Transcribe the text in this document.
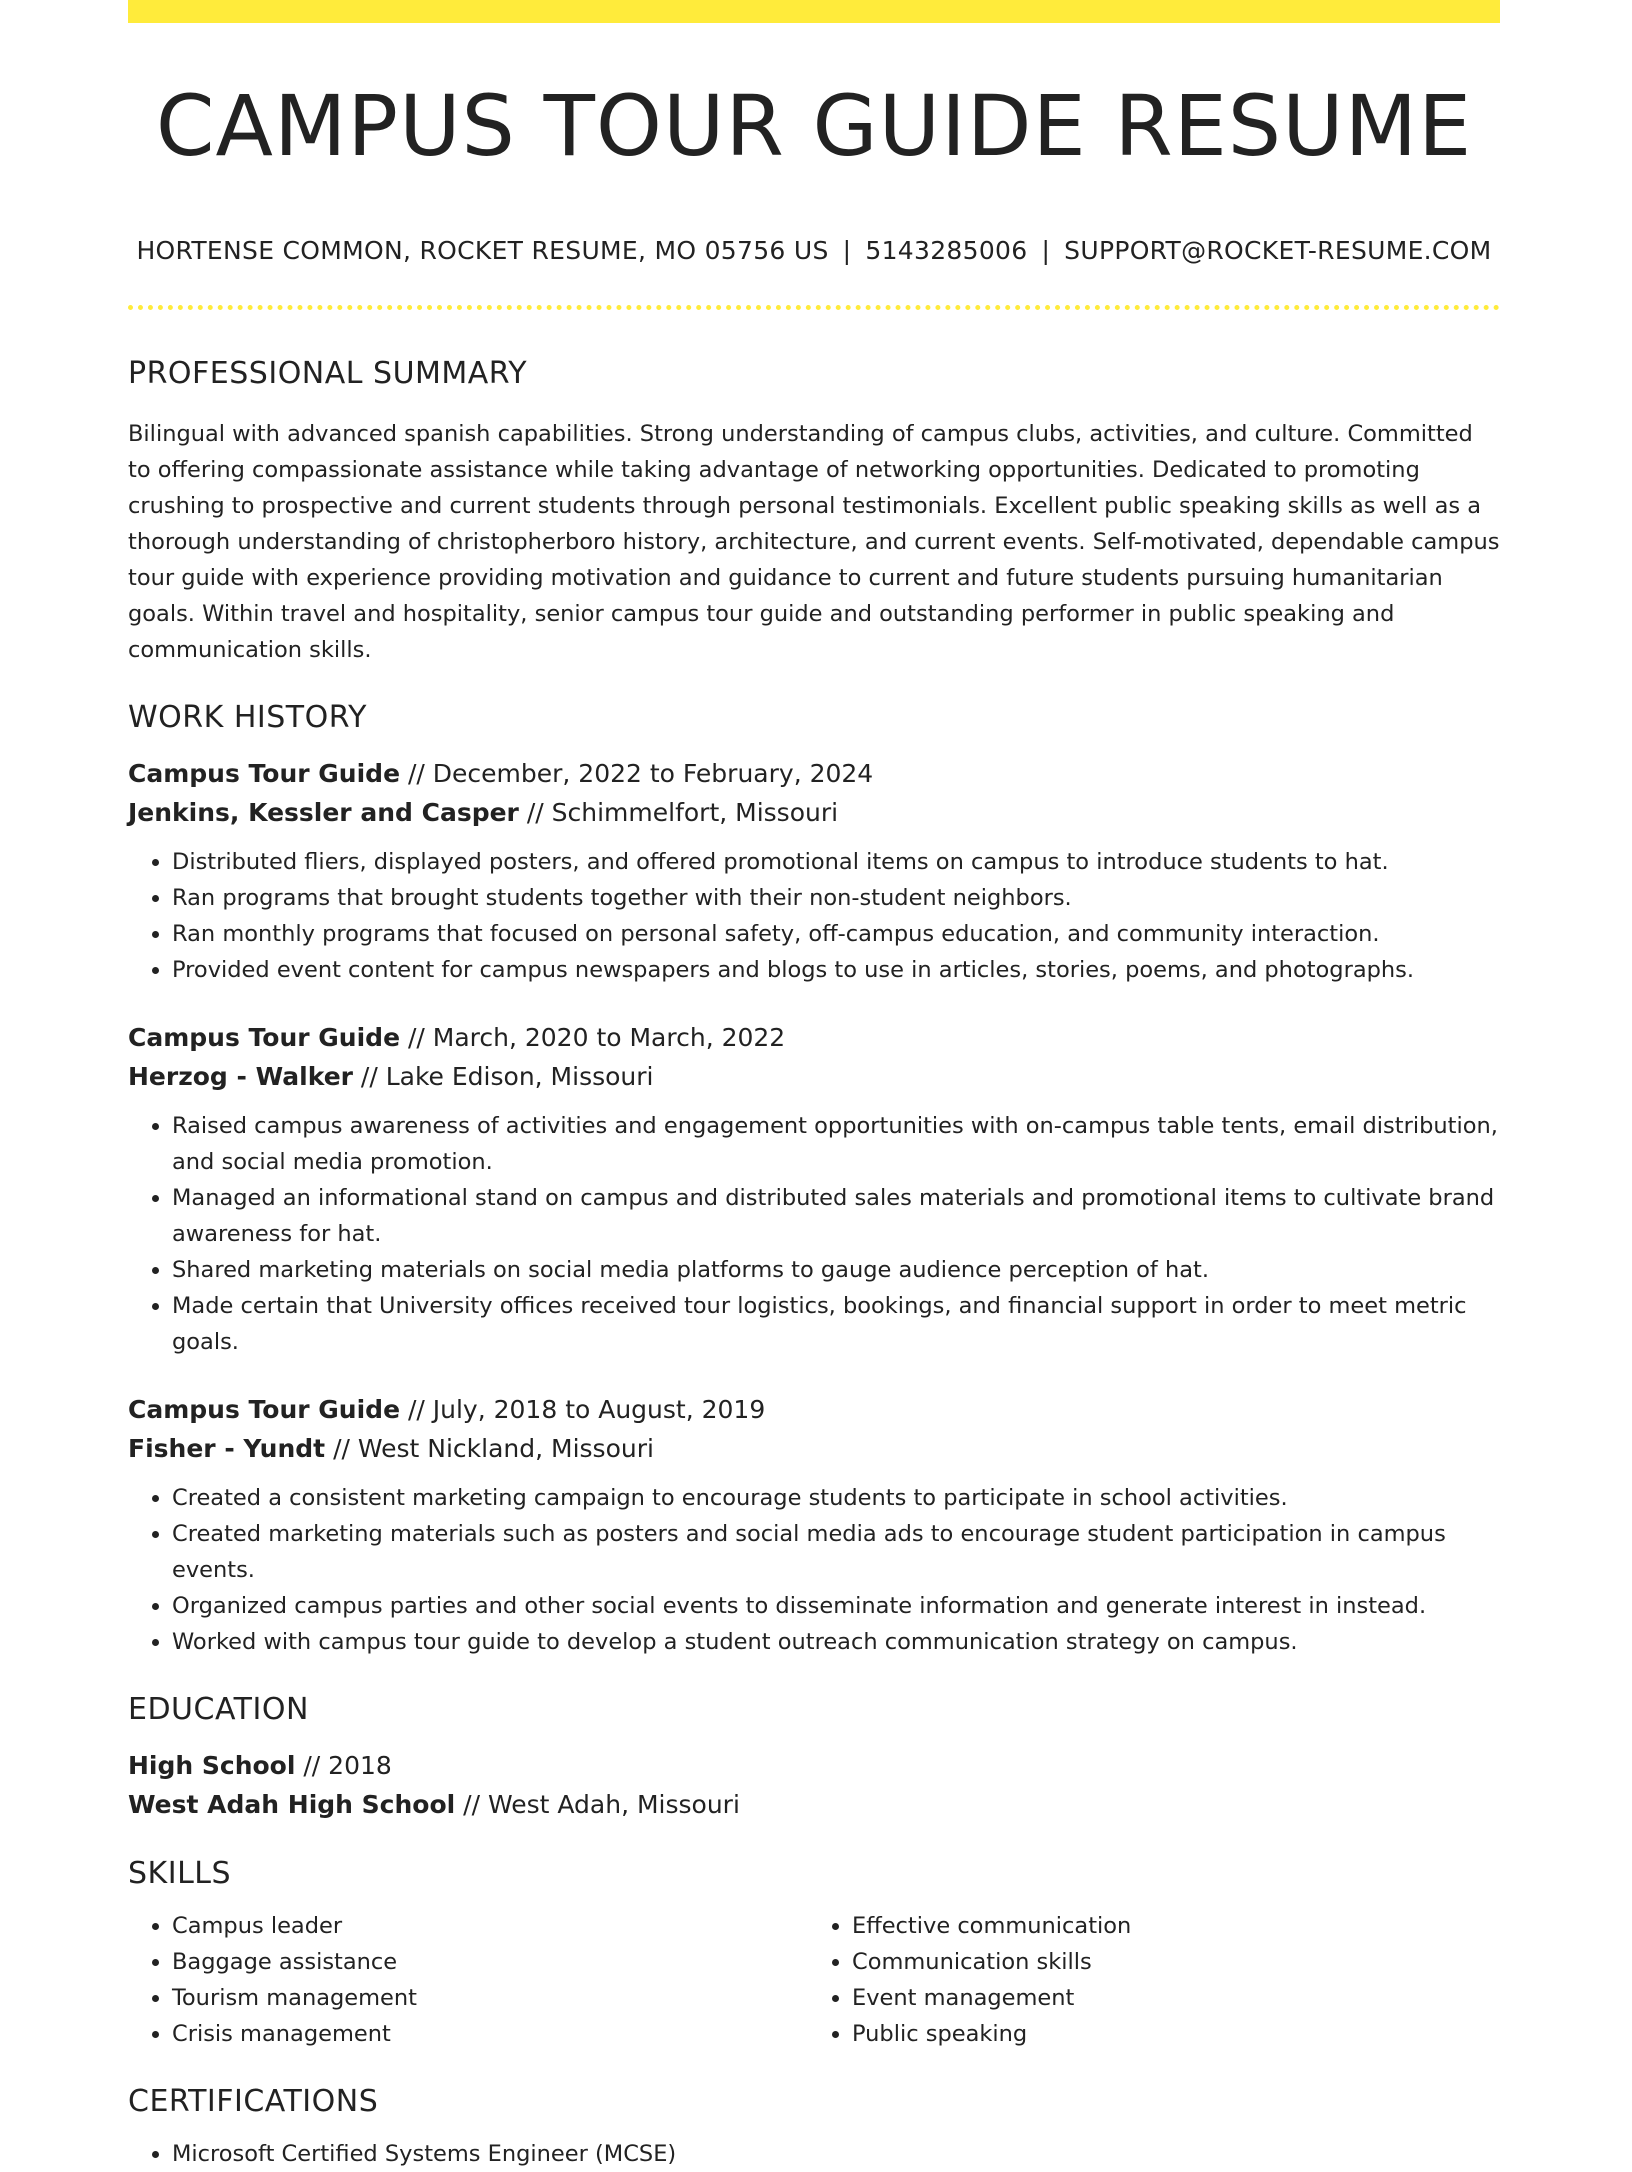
CAMPUS TOUR GUIDE RESUME
HORTENSE COMMON, ROCKET RESUME, MO 05756 US | 5143285006 | SUPPORT@ROCKET-RESUME.COM
PROFESSIONAL SUMMARY

Bilingual with advanced spanish capabilities. Strong understanding of campus clubs, activities, and culture. Committed to offering compassionate assistance while taking advantage of networking opportunities. Dedicated to promoting crushing to prospective and current students through personal testimonials. Excellent public speaking skills as well as a thorough understanding of christopherboro history, architecture, and current events. Self-motivated, dependable campus tour guide with experience providing motivation and guidance to current and future students pursuing humanitarian goals. Within travel and hospitality, senior campus tour guide and outstanding performer in public speaking and communication skills.

WORK HISTORY
Campus Tour Guide // December, 2022 to February, 2024
Jenkins, Kessler and Casper // Schimmelfort, Missouri
• Distributed fliers, displayed posters, and offered promotional items on campus to introduce students to hat.
• Ran programs that brought students together with their non-student neighbors.
• Ran monthly programs that focused on personal safety, off-campus education, and community interaction.
• Provided event content for campus newspapers and blogs to use in articles, stories, poems, and photographs.
Campus Tour Guide // March, 2020 to March, 2022
Herzog - Walker // Lake Edison, Missouri
• Raised campus awareness of activities and engagement opportunities with on-campus table tents, email distribution, and social media promotion.
• Managed an informational stand on campus and distributed sales materials and promotional items to cultivate brand awareness for hat.
• Shared marketing materials on social media platforms to gauge audience perception of hat.
• Made certain that University offices received tour logistics, bookings, and financial support in order to meet metric goals.
Campus Tour Guide // July, 2018 to August, 2019
Fisher - Yundt // West Nickland, Missouri
• Created a consistent marketing campaign to encourage students to participate in school activities.
• Created marketing materials such as posters and social media ads to encourage student participation in campus events.
• Organized campus parties and other social events to disseminate information and generate interest in instead.
• Worked with campus tour guide to develop a student outreach communication strategy on campus.
EDUCATION
High School // 2018
West Adah High School // West Adah, Missouri
SKILLS
• Campus leader
• Baggage assistance
• Tourism management
• Crisis management
• Effective communication
• Communication skills
• Event management
• Public speaking
CERTIFICATIONS
• Microsoft Certified Systems Engineer (MCSE)
